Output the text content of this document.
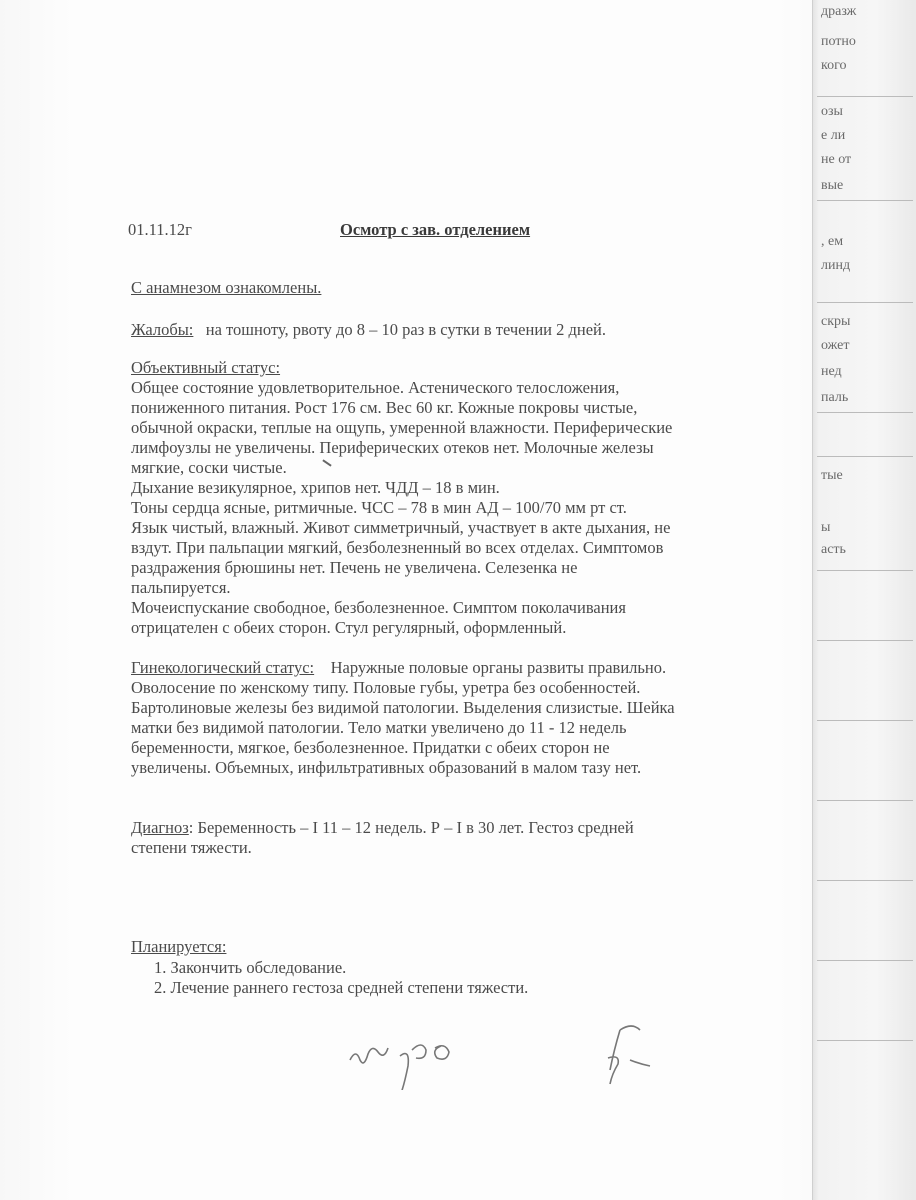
дразж
потно
кого
озы
е ли
не от
вые
, ем
линд
скры
ожет
нед
паль
тые
ы
асть
01.11.12г	Осмотр с зав. отделением
С анамнезом ознакомлены.
Жалобы: на тошноту, рвоту до 8 – 10 раз в сутки в течении 2 дней.
Объективный статус:
Общее состояние удовлетворительное. Астенического телосложения,
пониженного питания. Рост 176 см. Вес 60 кг. Кожные покровы чистые,
обычной окраски, теплые на ощупь, умеренной влажности. Периферические
лимфоузлы не увеличены. Периферических отеков нет. Молочные железы
мягкие, соски чистые.
Дыхание везикулярное, хрипов нет. ЧДД – 18 в мин.
Тоны сердца ясные, ритмичные. ЧСС – 78 в мин АД – 100/70 мм рт ст.
Язык чистый, влажный. Живот симметричный, участвует в акте дыхания, не
вздут. При пальпации мягкий, безболезненный во всех отделах. Симптомов
раздражения брюшины нет. Печень не увеличена. Селезенка не
пальпируется.
Мочеиспускание свободное, безболезненное. Симптом поколачивания
отрицателен с обеих сторон. Стул регулярный, оформленный.
Гинекологический статус: Наружные половые органы развиты правильно.
Оволосение по женскому типу. Половые губы, уретра без особенностей.
Бартолиновые железы без видимой патологии. Выделения слизистые. Шейка
матки без видимой патологии. Тело матки увеличено до 11 - 12 недель
беременности, мягкое, безболезненное. Придатки с обеих сторон не
увеличены. Объемных, инфильтративных образований в малом тазу нет.
Диагноз: Беременность – I 11 – 12 недель. Р – I в 30 лет. Гестоз средней
степени тяжести.
Планируется:
1. Закончить обследование.
2. Лечение раннего гестоза средней степени тяжести.
